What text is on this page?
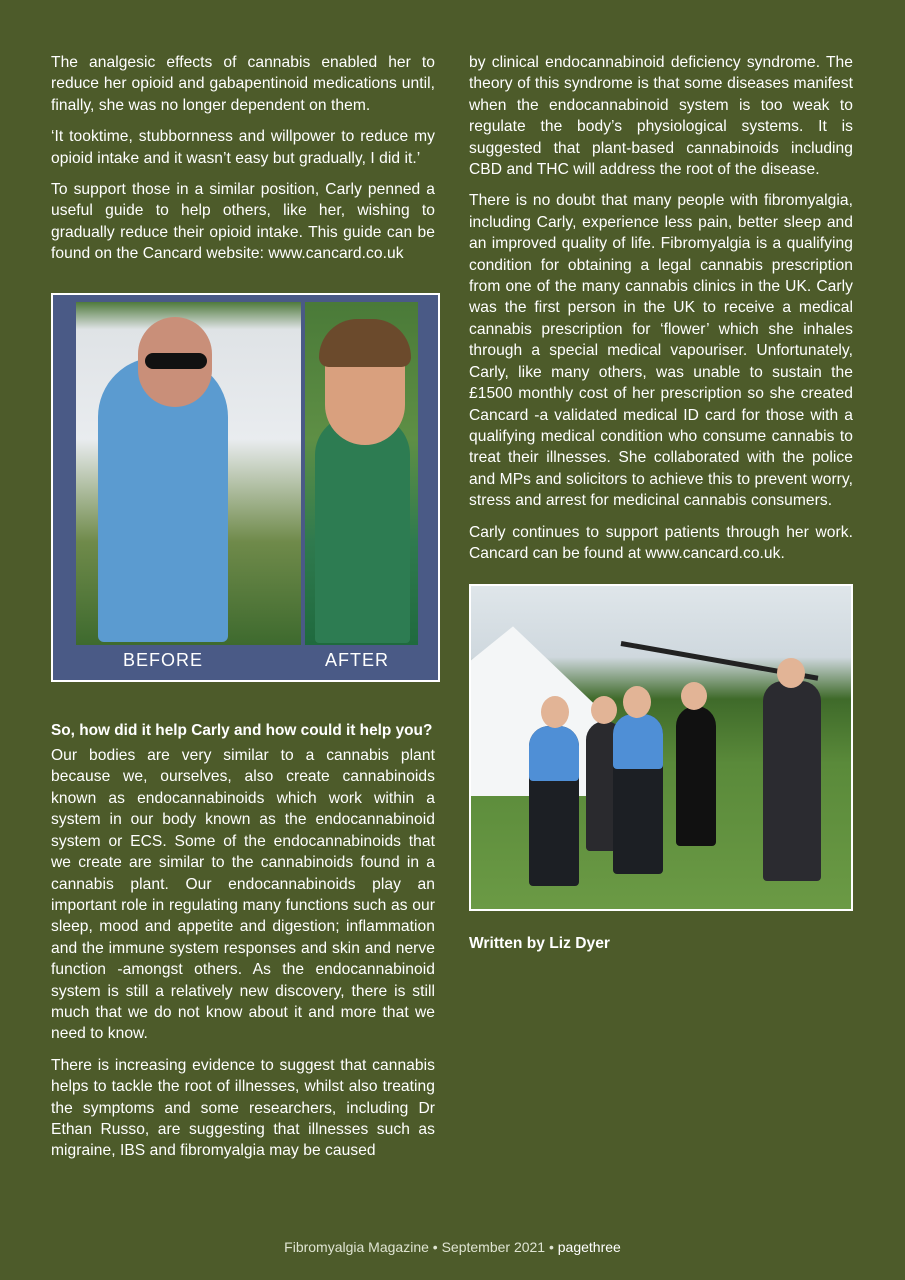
The analgesic effects of cannabis enabled her to reduce her opioid and gabapentinoid medications until, finally, she was no longer dependent on them.

‘It tooktime, stubbornness and willpower to reduce my opioid intake and it wasn’t easy but gradually, I did it.’

To support those in a similar position, Carly penned a useful guide to help others, like her, wishing to gradually reduce their opioid intake. This guide can be found on the Cancard website: www.cancard.co.uk

BEFORE	AFTER
So, how did it help Carly and how could it help you?

Our bodies are very similar to a cannabis plant because we, ourselves, also create cannabinoids known as endocannabinoids which work within a system in our body known as the endocannabinoid system or ECS. Some of the endocannabinoids that we create are similar to the cannabinoids found in a cannabis plant. Our endocannabinoids play an important role in regulating many functions such as our sleep, mood and appetite and digestion; inflammation and the immune system responses and skin and nerve function -amongst others. As the endocannabinoid system is still a relatively new discovery, there is still much that we do not know about it and more that we need to know.

There is increasing evidence to suggest that cannabis helps to tackle the root of illnesses, whilst also treating the symptoms and some researchers, including Dr Ethan Russo, are suggesting that illnesses such as migraine, IBS and fibromyalgia may be caused

by clinical endocannabinoid deficiency syndrome. The theory of this syndrome is that some diseases manifest when the endocannabinoid system is too weak to regulate the body’s physiological systems. It is suggested that plant-based cannabinoids including CBD and THC will address the root of the disease.

There is no doubt that many people with fibromyalgia, including Carly, experience less pain, better sleep and an improved quality of life. Fibromyalgia is a qualifying condition for obtaining a legal cannabis prescription from one of the many cannabis clinics in the UK. Carly was the first person in the UK to receive a medical cannabis prescription for ‘flower’ which she inhales through a special medical vapouriser. Unfortunately, Carly, like many others, was unable to sustain the £1500 monthly cost of her prescription so she created Cancard -a validated medical ID card for those with a qualifying medical condition who consume cannabis to treat their illnesses. She collaborated with the police and MPs and solicitors to achieve this to prevent worry, stress and arrest for medicinal cannabis consumers.

Carly continues to support patients through her work. Cancard can be found at www.cancard.co.uk.

Written by Liz Dyer
Fibromyalgia Magazine • September 2021 • pagethree
